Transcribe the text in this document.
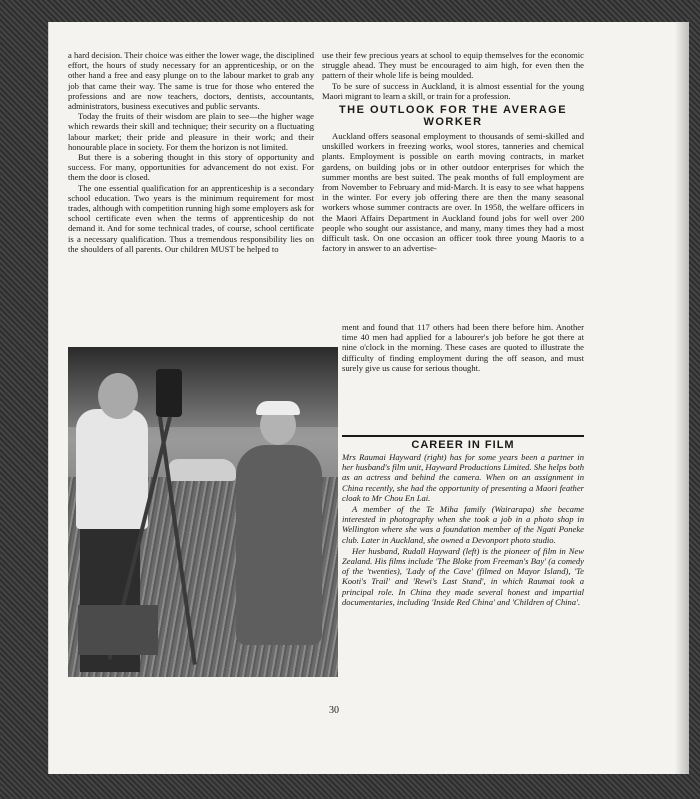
a hard decision. Their choice was either the lower wage, the disciplined effort, the hours of study necessary for an apprenticeship, or on the other hand a free and easy plunge on to the labour market to grab any job that came their way. The same is true for those who entered the professions and are now teachers, doctors, dentists, accountants, administrators, business executives and public servants.

Today the fruits of their wisdom are plain to see—the higher wage which rewards their skill and technique; their security on a fluctuating labour market; their pride and pleasure in their work; and their honourable place in society. For them the horizon is not limited.

But there is a sobering thought in this story of opportunity and success. For many, opportunities for advancement do not exist. For them the door is closed.

The one essential qualification for an apprenticeship is a secondary school education. Two years is the minimum requirement for most trades, although with competition running high some employers ask for school certificate even when the terms of apprenticeship do not demand it. And for some technical trades, of course, school certificate is a necessary qualification. Thus a tremendous responsibility lies on the shoulders of all parents. Our children MUST be helped to

use their few precious years at school to equip themselves for the economic struggle ahead. They must be encouraged to aim high, for even then the pattern of their whole life is being moulded.

To be sure of success in Auckland, it is almost essential for the young Maori migrant to learn a skill, or train for a profession.

THE OUTLOOK FOR THE AVERAGE WORKER

Auckland offers seasonal employment to thousands of semi-skilled and unskilled workers in freezing works, wool stores, tanneries and chemical plants. Employment is possible on earth moving contracts, in market gardens, on building jobs or in other outdoor enterprises for which the summer months are best suited. The peak months of full employment are from November to February and mid-March. It is easy to see what happens in the winter. For every job offering there are then the many seasonal workers whose summer contracts are over. In 1958, the welfare officers in the Maori Affairs Department in Auckland found jobs for well over 200 people who sought our assistance, and many, many times they had a most difficult task. On one occasion an officer took three young Maoris to a factory in answer to an advertise-

ment and found that 117 others had been there before him. Another time 40 men had applied for a labourer's job before he got there at nine o'clock in the morning. These cases are quoted to illustrate the difficulty of finding employment during the off season, and must surely give us cause for serious thought.

CAREER IN FILM

Mrs Raumai Hayward (right) has for some years been a partner in her husband's film unit, Hayward Productions Limited. She helps both as an actress and behind the camera. When on an assignment in China recently, she had the opportunity of presenting a Maori feather cloak to Mr Chou En Lai.

A member of the Te Miha family (Wairarapa) she became interested in photography when she took a job in a photo shop in Wellington where she was a foundation member of the Ngati Poneke club. Later in Auckland, she owned a Devonport photo studio.

Her husband, Rudall Hayward (left) is the pioneer of film in New Zealand. His films include 'The Bloke from Freeman's Bay' (a comedy of the 'twenties), 'Lady of the Cave' (filmed on Mayor Island), 'Te Kooti's Trail' and 'Rewi's Last Stand', in which Raumai took a principal role. In China they made several honest and impartial documentaries, including 'Inside Red China' and 'Children of China'.

30
